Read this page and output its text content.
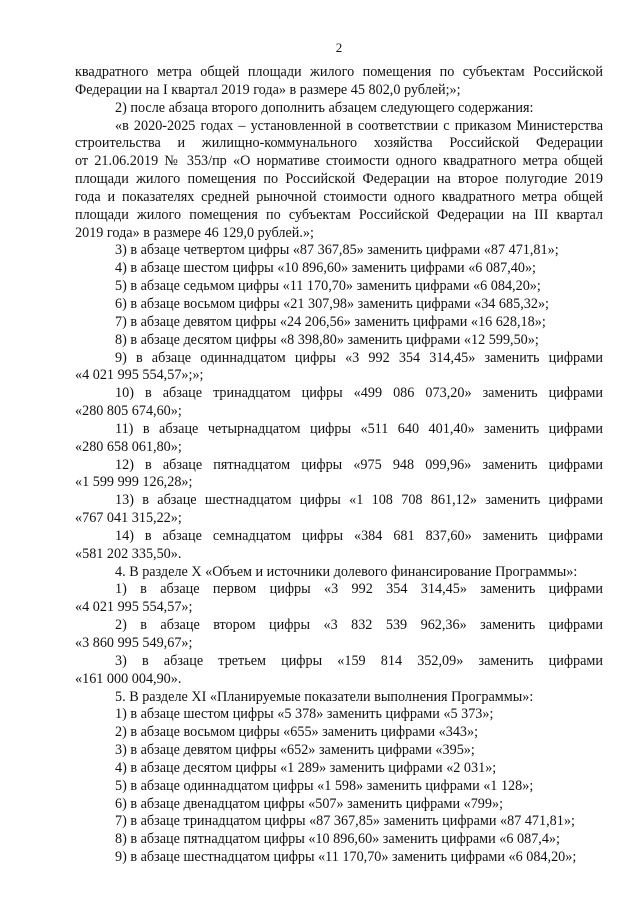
2
квадратного метра общей площади жилого помещения по субъектам Российской
Федерации на I квартал 2019 года» в размере 45 802,0 рублей;»;
2) после абзаца второго дополнить абзацем следующего содержания:
«в 2020-2025 годах – установленной в соответствии с приказом Министерства
строительства и жилищно-коммунального хозяйства Российской Федерации
от 21.06.2019 № 353/пр «О нормативе стоимости одного квадратного метра общей
площади жилого помещения по Российской Федерации на второе полугодие 2019
года и показателях средней рыночной стоимости одного квадратного метра общей
площади жилого помещения по субъектам Российской Федерации на III квартал
2019 года» в размере 46 129,0 рублей.»;
3) в абзаце четвертом цифры «87 367,85» заменить цифрами «87 471,81»;
4) в абзаце шестом цифры «10 896,60» заменить цифрами «6 087,40»;
5) в абзаце седьмом цифры «11 170,70» заменить цифрами «6 084,20»;
6) в абзаце восьмом цифры «21 307,98» заменить цифрами «34 685,32»;
7) в абзаце девятом цифры «24 206,56» заменить цифрами «16 628,18»;
8) в абзаце десятом цифры «8 398,80» заменить цифрами «12 599,50»;
9) в абзаце одиннадцатом цифры «3 992 354 314,45» заменить цифрами
«4 021 995 554,57»;»;
10) в абзаце тринадцатом цифры «499 086 073,20» заменить цифрами
«280 805 674,60»;
11) в абзаце четырнадцатом цифры «511 640 401,40» заменить цифрами
«280 658 061,80»;
12) в абзаце пятнадцатом цифры «975 948 099,96» заменить цифрами
«1 599 999 126,28»;
13) в абзаце шестнадцатом цифры «1 108 708 861,12» заменить цифрами
«767 041 315,22»;
14) в абзаце семнадцатом цифры «384 681 837,60» заменить цифрами
«581 202 335,50».
4. В разделе X «Объем и источники долевого финансирование Программы»:
1) в абзаце первом цифры «3 992 354 314,45» заменить цифрами
«4 021 995 554,57»;
2) в абзаце втором цифры «3 832 539 962,36» заменить цифрами
«3 860 995 549,67»;
3) в абзаце третьем цифры «159 814 352,09» заменить цифрами
«161 000 004,90».
5. В разделе XI «Планируемые показатели выполнения Программы»:
1) в абзаце шестом цифры «5 378» заменить цифрами «5 373»;
2) в абзаце восьмом цифры «655» заменить цифрами «343»;
3) в абзаце девятом цифры «652» заменить цифрами «395»;
4) в абзаце десятом цифры «1 289» заменить цифрами «2 031»;
5) в абзаце одиннадцатом цифры «1 598» заменить цифрами «1 128»;
6) в абзаце двенадцатом цифры «507» заменить цифрами «799»;
7) в абзаце тринадцатом цифры «87 367,85» заменить цифрами «87 471,81»;
8) в абзаце пятнадцатом цифры «10 896,60» заменить цифрами «6 087,4»;
9) в абзаце шестнадцатом цифры «11 170,70» заменить цифрами «6 084,20»;
